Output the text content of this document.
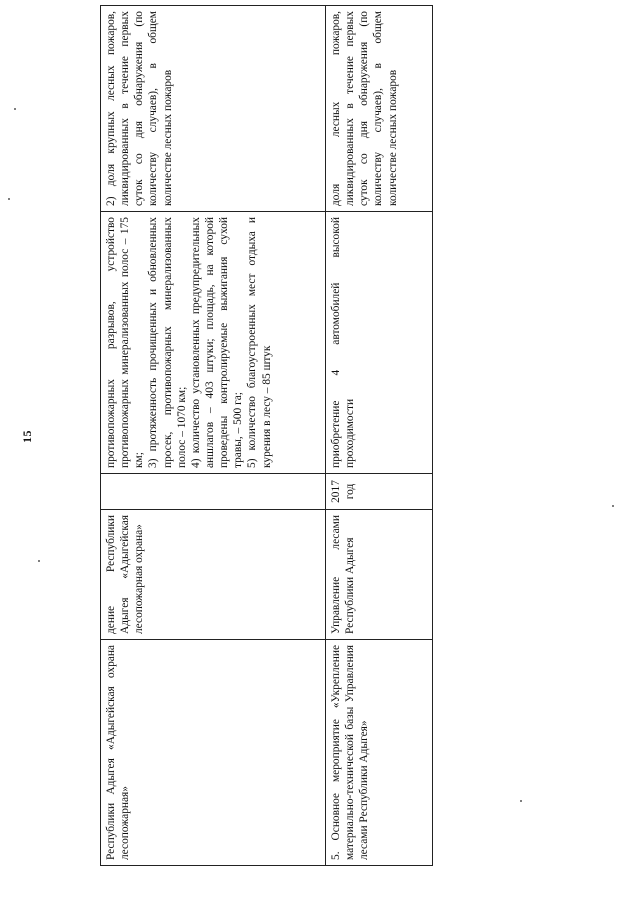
15
Республики Адыгея «Адыгейская охрана лесопожарная»	дение Республики Адыгея «Адыгейская лесопожарная охрана»		противопожарных разрывов, устройство противопожарных минерализованных полос – 175 км; 3) протяженность прочищенных и обновленных просек, противопожарных минерализованных полос – 1070 км; 4) количество установленных предупредительных аншлагов – 403 штуки; площадь, на которой проведены контролируемые выжигания сухой травы, – 500 га; 5) количество благоустроенных мест отдыха и курения в лесу – 85 штук	2) доля крупных лесных пожаров, ликвидированных в течение первых суток со дня обнаружения (по количеству случаев), в общем количестве лесных пожаров
5. Основное мероприятие «Укрепление материально-технической базы Управления лесами Республики Адыгея»	Управление лесами Республики Адыгея	2017 год	приобретение 4 автомобилей высокой проходимости	доля лесных пожаров, ликвидированных в течение первых суток со дня обнаружения (по количеству случаев), в общем количестве лесных пожаров
